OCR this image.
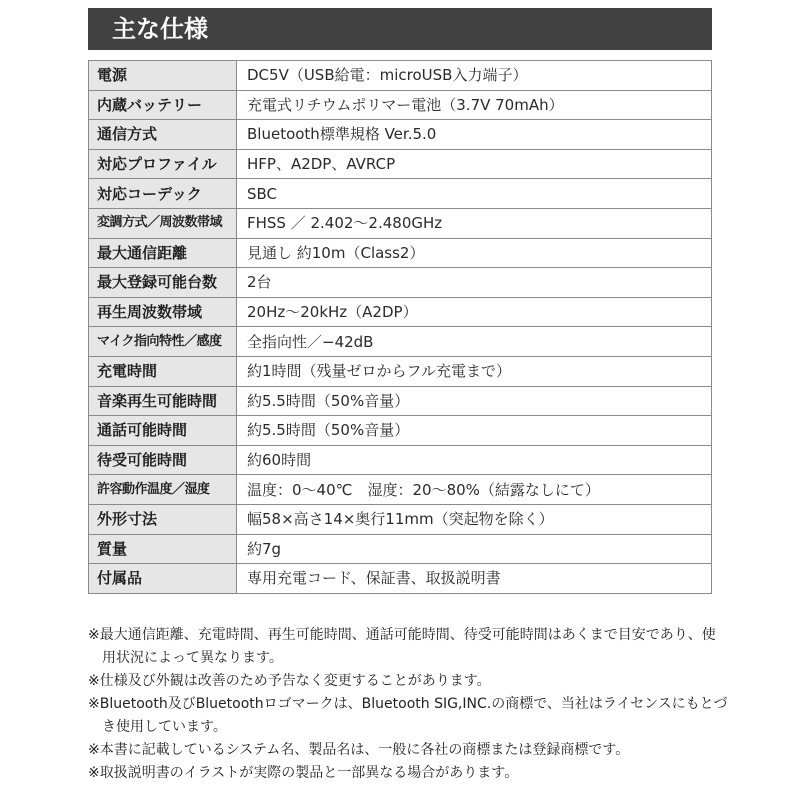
主な仕様
電源	DC5V（USB給電：microUSB入力端子）
内蔵バッテリー	充電式リチウムポリマー電池（3.7V 70mAh）
通信方式	Bluetooth標準規格 Ver.5.0
対応プロファイル	HFP、A2DP、AVRCP
対応コーデック	SBC
変調方式／周波数帯域	FHSS ／ 2.402〜2.480GHz
最大通信距離	見通し 約10m（Class2）
最大登録可能台数	2台
再生周波数帯域	20Hz〜20kHz（A2DP）
マイク指向特性／感度	全指向性／−42dB
充電時間	約1時間（残量ゼロからフル充電まで）
音楽再生可能時間	約5.5時間（50%音量）
通話可能時間	約5.5時間（50%音量）
待受可能時間	約60時間
許容動作温度／湿度	温度：0〜40℃　湿度：20〜80%（結露なしにて）
外形寸法	幅58×高さ14×奥行11mm（突起物を除く）
質量	約7g
付属品	専用充電コード、保証書、取扱説明書

※最大通信距離、充電時間、再生可能時間、通話可能時間、待受可能時間はあくまで目安であり、使用状況によって異なります。

※仕様及び外観は改善のため予告なく変更することがあります。

※Bluetooth及びBluetoothロゴマークは、Bluetooth SIG,INC.の商標で、当社はライセンスにもとづき使用しています。

※本書に記載しているシステム名、製品名は、一般に各社の商標または登録商標です。

※取扱説明書のイラストが実際の製品と一部異なる場合があります。
